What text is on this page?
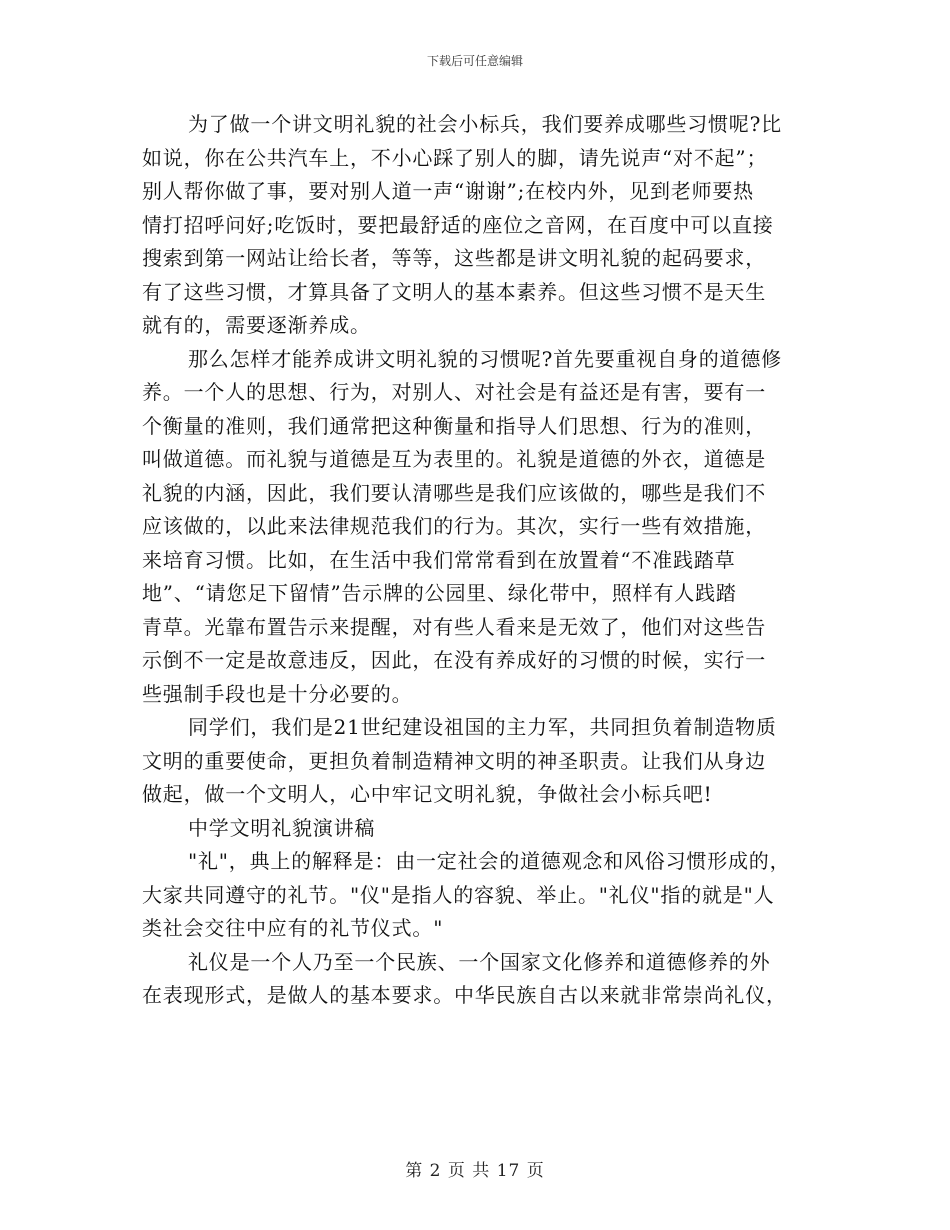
下载后可任意编辑
为了做一个讲文明礼貌的社会小标兵，我们要养成哪些习惯呢?比
如说，你在公共汽车上，不小心踩了别人的脚，请先说声“对不起”；
别人帮你做了事，要对别人道一声“谢谢”;在校内外，见到老师要热
情打招呼问好;吃饭时，要把最舒适的座位之音网，在百度中可以直接
搜索到第一网站让给长者，等等，这些都是讲文明礼貌的起码要求，
有了这些习惯，才算具备了文明人的基本素养。但这些习惯不是天生
就有的，需要逐渐养成。
那么怎样才能养成讲文明礼貌的习惯呢?首先要重视自身的道德修
养。一个人的思想、行为，对别人、对社会是有益还是有害，要有一
个衡量的准则，我们通常把这种衡量和指导人们思想、行为的准则，
叫做道德。而礼貌与道德是互为表里的。礼貌是道德的外衣，道德是
礼貌的内涵，因此，我们要认清哪些是我们应该做的，哪些是我们不
应该做的，以此来法律规范我们的行为。其次，实行一些有效措施，
来培育习惯。比如，在生活中我们常常看到在放置着“不准践踏草
地”、“请您足下留情”告示牌的公园里、绿化带中，照样有人践踏
青草。光靠布置告示来提醒，对有些人看来是无效了，他们对这些告
示倒不一定是故意违反，因此，在没有养成好的习惯的时候，实行一
些强制手段也是十分必要的。
同学们，我们是21世纪建设祖国的主力军，共同担负着制造物质
文明的重要使命，更担负着制造精神文明的神圣职责。让我们从身边
做起，做一个文明人，心中牢记文明礼貌，争做社会小标兵吧!
中学文明礼貌演讲稿
"礼"，典上的解释是：由一定社会的道德观念和风俗习惯形成的，
大家共同遵守的礼节。"仪"是指人的容貌、举止。"礼仪"指的就是"人
类社会交往中应有的礼节仪式。"
礼仪是一个人乃至一个民族、一个国家文化修养和道德修养的外
在表现形式，是做人的基本要求。中华民族自古以来就非常崇尚礼仪，
第 2 页 共 17 页
